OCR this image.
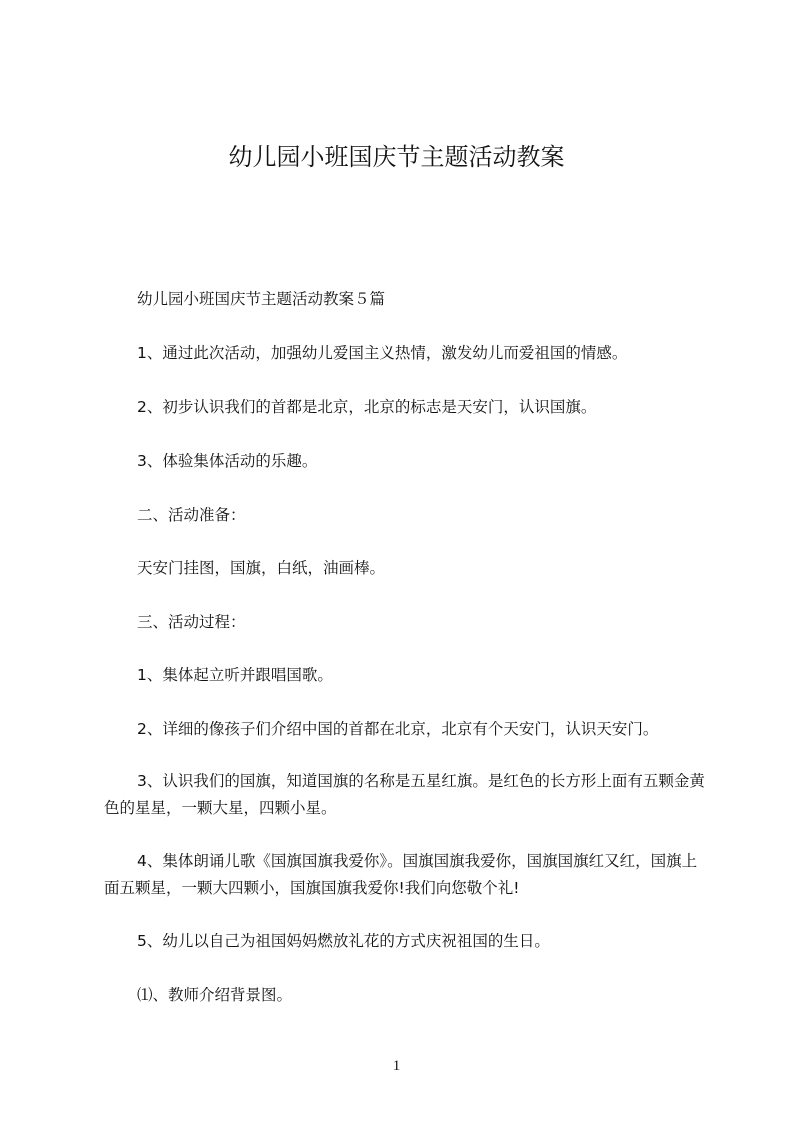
幼儿园小班国庆节主题活动教案

幼儿园小班国庆节主题活动教案５篇

1、通过此次活动，加强幼儿爱国主义热情，激发幼儿而爱祖国的情感。

2、初步认识我们的首都是北京，北京的标志是天安门，认识国旗。

3、体验集体活动的乐趣。

二、活动准备：

天安门挂图，国旗，白纸，油画棒。

三、活动过程：

1、集体起立听并跟唱国歌。

2、详细的像孩子们介绍中国的首都在北京，北京有个天安门，认识天安门。

3、认识我们的国旗，知道国旗的名称是五星红旗。是红色的长方形上面有五颗金黄色的星星，一颗大星，四颗小星。

4、集体朗诵儿歌《国旗国旗我爱你》。国旗国旗我爱你，国旗国旗红又红，国旗上面五颗星，一颗大四颗小，国旗国旗我爱你!我们向您敬个礼!

5、幼儿以自己为祖国妈妈燃放礼花的方式庆祝祖国的生日。

⑴、教师介绍背景图。

1
